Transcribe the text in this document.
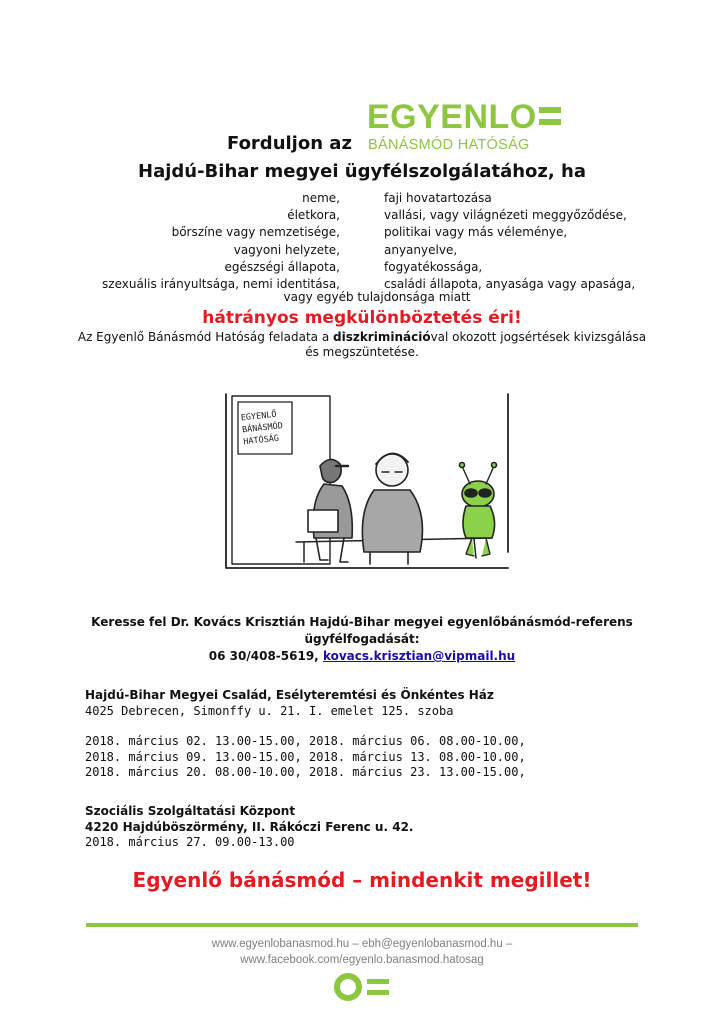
EGYENLO
BÁNÁSMÓD HATÓSÁG
Forduljon az
Hajdú-Bihar megyei ügyfélszolgálatához, ha
neme,
életkora,
bőrszíne vagy nemzetisége,
vagyoni helyzete,
egészségi állapota,
szexuális irányultsága, nemi identitása,
faji hovatartozása
vallási, vagy világnézeti meggyőződése,
politikai vagy más véleménye,
anyanyelve,
fogyatékossága,
családi állapota, anyasága vagy apasága,
vagy egyéb tulajdonsága miatt
hátrányos megkülönböztetés éri!
Az Egyenlő Bánásmód Hatóság feladata a diszkriminációval okozott jogsértések kivizsgálása
és megszüntetése.
EGYENLŐ
BÁNÁSMÓD
HATÓSÁG
Keresse fel Dr. Kovács Krisztián Hajdú-Bihar megyei egyenlőbánásmód-referens
ügyfélfogadását:
06 30/408-5619, kovacs.krisztian@vipmail.hu
Hajdú-Bihar Megyei Család, Esélyteremtési és Önkéntes Ház
4025 Debrecen, Simonffy u. 21. I. emelet 125. szoba
2018. március 02. 13.00-15.00, 2018. március 06. 08.00-10.00,
2018. március 09. 13.00-15.00, 2018. március 13. 08.00-10.00,
2018. március 20. 08.00-10.00, 2018. március 23. 13.00-15.00,
Szociális Szolgáltatási Központ
4220 Hajdúböszörmény, II. Rákóczi Ferenc u. 42.
2018. március 27. 09.00-13.00
Egyenlő bánásmód – mindenkit megillet!
www.egyenlobanasmod.hu – ebh@egyenlobanasmod.hu –
www.facebook.com/egyenlo.banasmod.hatosag
